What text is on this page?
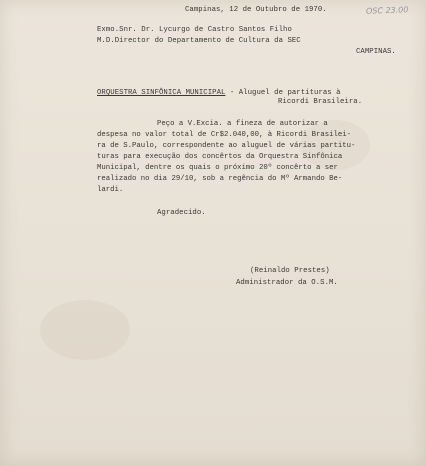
Campinas, 12 de Outubro de 1970.	OSC 23.00
Exmo.Snr. Dr. Lycurgo de Castro Santos Filho
M.D.Director do Departamento de Cultura da SEC
CAMPINAS.
ORQUESTRA SINFÔNICA MUNICIPAL - Aluguel de partituras à
Ricordi Brasileira.
Peço a V.Excia. a fineza de autorizar a
despesa no valor total de Cr$2.040,00, à Ricordi Brasilei-
ra de S.Paulo, correspondente ao aluguel de várias partitu-
turas para execução dos concêrtos da Orquestra Sinfônica
Municipal, dentre os quais o próximo 20º concêrto a ser
realizado no dia 29/10, sob a regência do Mº Armando Be-
lardi.
Agradecido.
(Reinaldo Prestes)
Administrador da O.S.M.
